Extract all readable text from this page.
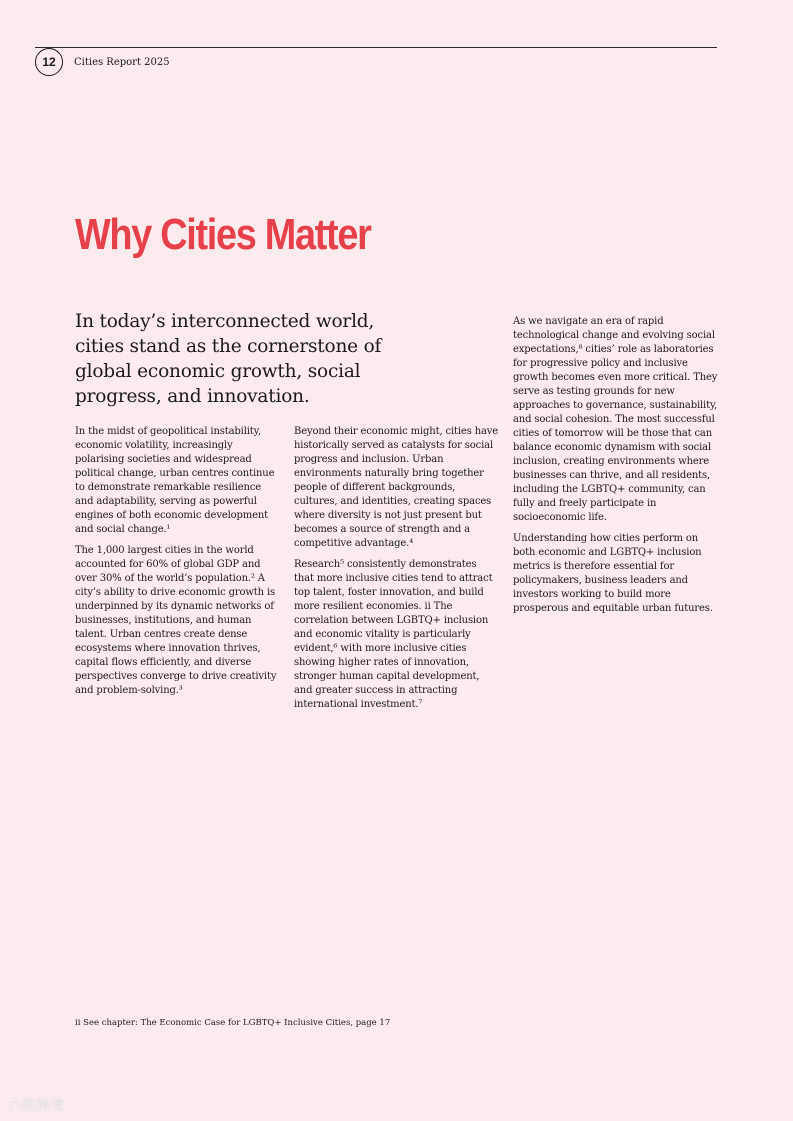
12	Cities Report 2025
Why Cities Matter
In today’s interconnected world, cities stand as the cornerstone of global economic growth, social progress, and innovation.

In the midst of geopolitical instability, economic volatility, increasingly polarising societies and widespread political change, urban centres continue to demonstrate remarkable resilience and adaptability, serving as powerful engines of both economic development and social change.¹

The 1,000 largest cities in the world accounted for 60% of global GDP and over 30% of the world’s population.² A city’s ability to drive economic growth is underpinned by its dynamic networks of businesses, institutions, and human talent. Urban centres create dense ecosystems where innovation thrives, capital flows efficiently, and diverse perspectives converge to drive creativity and problem-solving.³

Beyond their economic might, cities have historically served as catalysts for social progress and inclusion. Urban environments naturally bring together people of different backgrounds, cultures, and identities, creating spaces where diversity is not just present but becomes a source of strength and a competitive advantage.⁴

Research⁵ consistently demonstrates that more inclusive cities tend to attract top talent, foster innovation, and build more resilient economies. ii The correlation between LGBTQ+ inclusion and economic vitality is particularly evident,⁶ with more inclusive cities showing higher rates of innovation, stronger human capital development, and greater success in attracting international investment.⁷

As we navigate an era of rapid technological change and evolving social expectations,⁸ cities’ role as laboratories for progressive policy and inclusive growth becomes even more critical. They serve as testing grounds for new approaches to governance, sustainability, and social cohesion. The most successful cities of tomorrow will be those that can balance economic dynamism with social inclusion, creating environments where businesses can thrive, and all residents, including the LGBTQ+ community, can fully and freely participate in socioeconomic life.

Understanding how cities perform on both economic and LGBTQ+ inclusion metrics is therefore essential for policymakers, business leaders and investors working to build more prosperous and equitable urban futures.

ii See chapter: The Economic Case for LGBTQ+ Inclusive Cities, page 17
六数跨境
